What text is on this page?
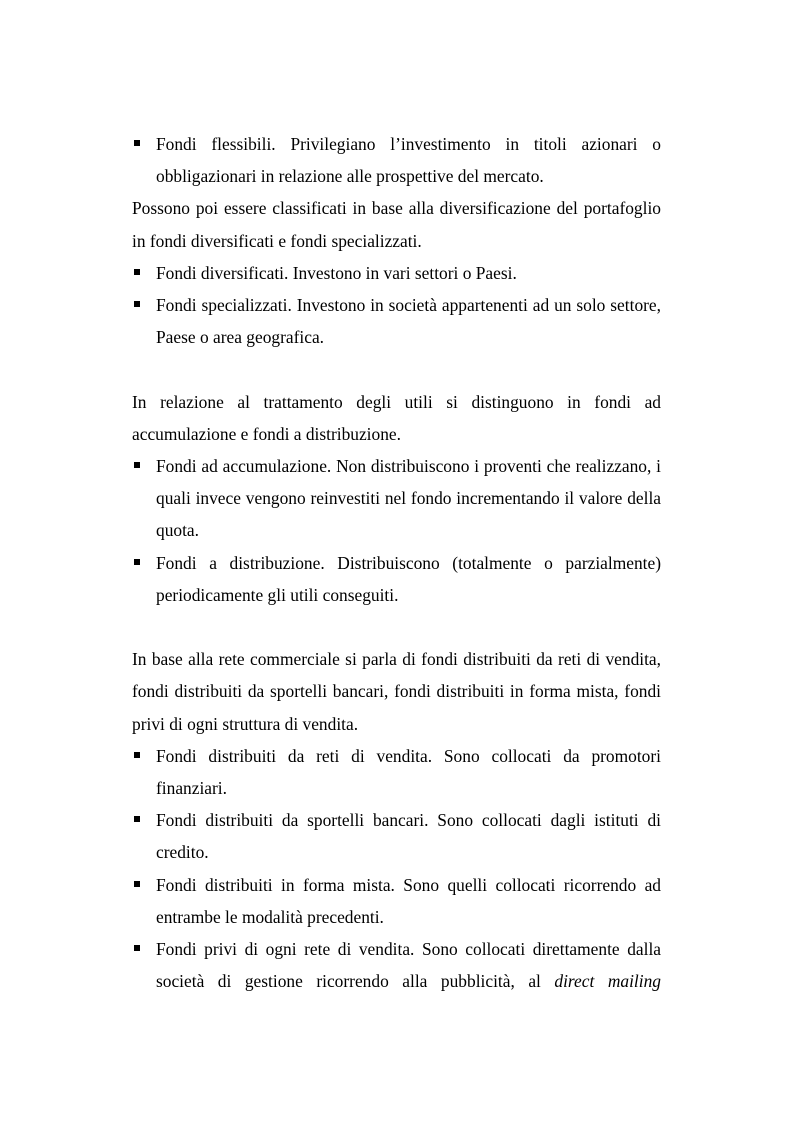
Fondi flessibili. Privilegiano l’investimento in titoli azionari o obbligazionari in relazione alle prospettive del mercato.

Possono poi essere classificati in base alla diversificazione del portafoglio in fondi diversificati e fondi specializzati.

Fondi diversificati. Investono in vari settori o Paesi.

Fondi specializzati. Investono in società appartenenti ad un solo settore, Paese o area geografica.

In relazione al trattamento degli utili si distinguono in fondi ad accumulazione e fondi a distribuzione.

Fondi ad accumulazione. Non distribuiscono i proventi che realizzano, i quali invece vengono reinvestiti nel fondo incrementando il valore della quota.

Fondi a distribuzione. Distribuiscono (totalmente o parzialmente) periodicamente gli utili conseguiti.

In base alla rete commerciale si parla di fondi distribuiti da reti di vendita, fondi distribuiti da sportelli bancari, fondi distribuiti in forma mista, fondi privi di ogni struttura di vendita.

Fondi distribuiti da reti di vendita. Sono collocati da promotori finanziari.

Fondi distribuiti da sportelli bancari. Sono collocati dagli istituti di credito.

Fondi distribuiti in forma mista. Sono quelli collocati ricorrendo ad entrambe le modalità precedenti.

Fondi privi di ogni rete di vendita. Sono collocati direttamente dalla società di gestione ricorrendo alla pubblicità, al direct mailing
